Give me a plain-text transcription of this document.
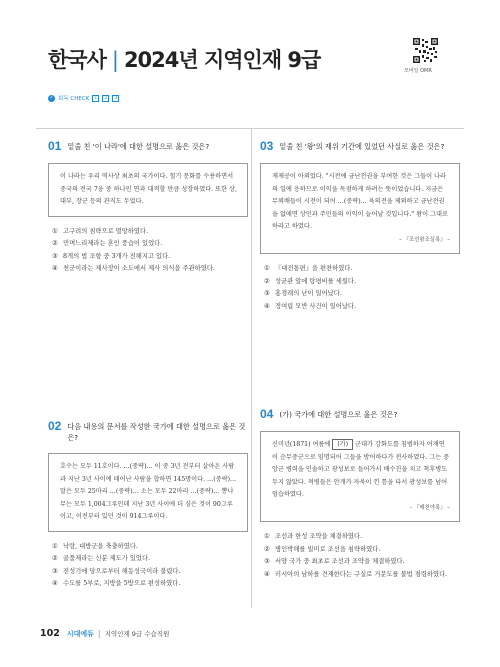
한국사 | 2024년 지역인재 9급	모바일 OMR
✓ 회독 CHECK	1	2	3
01 밑줄 친 '이 나라'에 대한 설명으로 옳은 것은?
이 나라는 우리 역사상 최초의 국가이다. 철기 문화를 수용하면서 중국의 전국 7웅 중 하나인 연과 대적할 만큼 성장하였다. 또한 상, 대부, 장군 등의 관직도 두었다.
① 고구려의 침략으로 멸망하였다.
② 민며느리제라는 혼인 풍습이 있었다.
③ 8개의 법 조항 중 3개가 전해지고 있다.
④ 천군이라는 제사장이 소도에서 제사 의식을 주관하였다.
02 다음 내용의 문서를 작성한 국가에 대한 설명으로 옳은 것은?
호수는 모두 11호이다. …(중략)… 이 중 3년 전부터 살아온 사람과 지난 3년 사이에 태어난 사람을 합하면 145명이다. …(중략)… 말은 모두 25마리 …(중략)… 소는 모두 22마리 …(중략)… 뽕나무는 모두 1,004그루인데 지난 3년 사이에 더 심은 것이 90그루이고, 이전부터 있던 것이 914그루이다.
① 낙랑, 대방군을 축출하였다.
② 골품제라는 신분 제도가 있었다.
③ 전성기에 당으로부터 해동성국이라 불렸다.
④ 수도를 5부로, 지방을 5방으로 편성하였다.
03 밑줄 친 '왕'의 재위 기간에 있었던 사실로 옳은 것은?
재제공이 아뢰었다. "시전에 금난전권을 부여한 것은 그들이 나라의 일에 응하므로 이익을 독점하게 하려는 뜻이었습니다. 지금은 무뢰배들이 시전이 되어 …(중략)… 육의전을 제외하고 금난전권을 없애면 상인과 주민들의 이익이 늘어날 것입니다." 왕이 그대로 하라고 하였다.
– 『조선왕조실록』 –
① 『대전통편』을 편찬하였다.
② 성균관 앞에 탕평비를 세웠다.
③ 홍경래의 난이 일어났다.
④ 정여립 모반 사건이 일어났다.
04 (가) 국가에 대한 설명으로 옳은 것은?
신미년(1871) 여름에 (가) 군대가 강화도를 침범하자 어재연이 순무중군으로 임명되어 그들을 방어하다가 전사하였다. 그는 중앙군 병력을 인솔하고 광성보로 들어가서 배수진을 치고 척후병도 두지 않았다. 적병들은 안개가 자욱이 낀 틈을 타서 광성보를 넘어 엄습하였다.
– 『매천야록』 –
① 조선과 한성 조약을 체결하였다.
② 병인박해를 빌미로 조선을 침략하였다.
③ 서양 국가 중 최초로 조선과 조약을 체결하였다.
④ 러시아의 남하를 견제한다는 구실로 거문도를 불법 점령하였다.
102 시대에듀 | 지역인재 9급 수습직원
